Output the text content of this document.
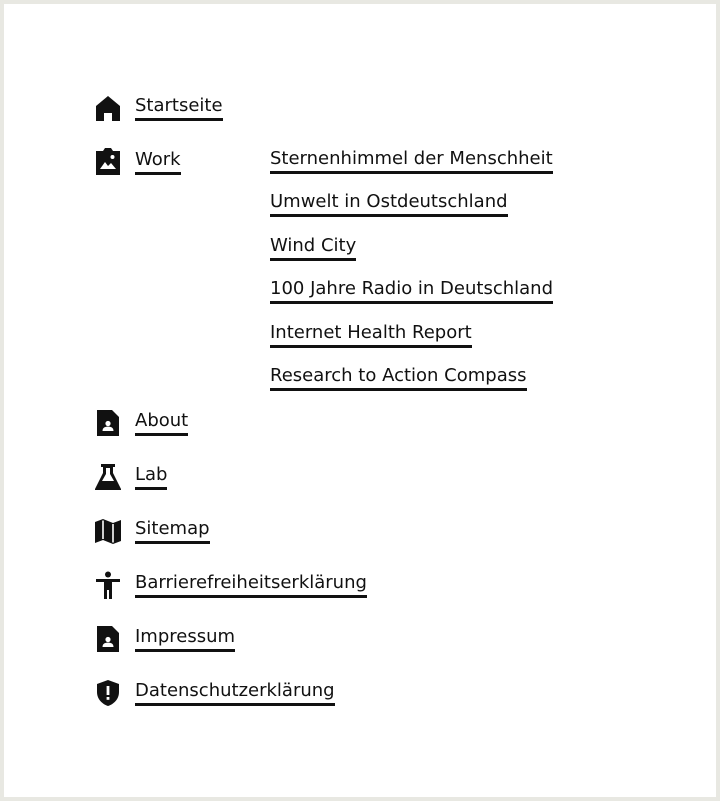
Startseite
Work	Sternenhimmel der Menschheit
Umwelt in Ostdeutschland
Wind City
100 Jahre Radio in Deutschland
Internet Health Report
Research to Action Compass
About
Lab
Sitemap
Barrierefreiheitserklärung
Impressum
Datenschutzerklärung
